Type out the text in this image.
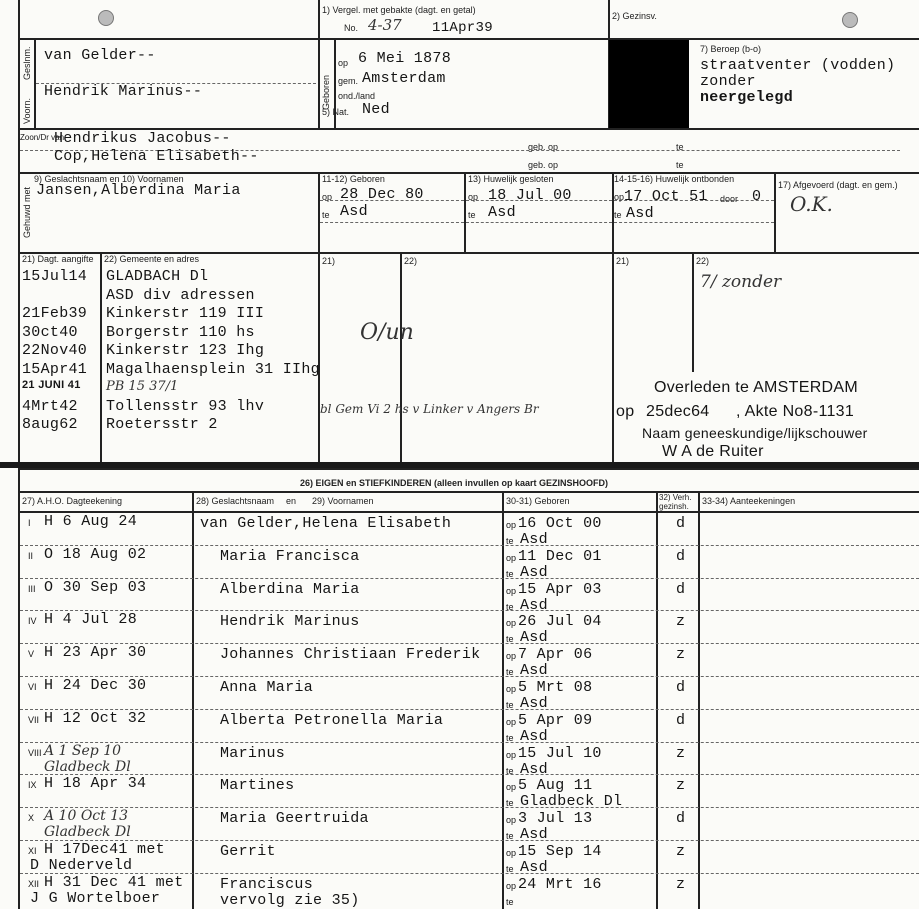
1) Vergel. met gebakte (dagt. en getal)
No. 4-37 11Apr39
2) Gezinsv.
Geslnm.
Voorn.
van Gelder--
Hendrik Marinus--	Geboren
op 6 Mei 1878
gem. Amsterdam
ond./land
5) Nat. Ned
7) Beroep (b-o)
straatventer (vodden)
zonder
neergelegd
Zoon/Dr van
Hendrikus Jacobus--
Cop,Helena Elisabeth--
geb. op
geb. op
te
te
Gehuwd met
9) Geslachtsnaam en 10) Voornamen
Jansen,Alberdina Maria
11-12) Geboren
op 28 Dec 80
te Asd
13) Huwelijk gesloten
op 18 Jul 00
te Asd
14-15-16) Huwelijk ontbonden
op 17 Oct 51 door 0
te Asd
17) Afgevoerd (dagt. en gem.)
O.K.
21) Dagt. aangifte 22) Gemeente en adres	21)	22)	21)	22)
15Jul14 GLADBACH Dl
ASD div adressen
21Feb39 Kinkerstr 119 III
30ct40 Borgerstr 110 hs
22Nov40 Kinkerstr 123 Ihg
15Apr41 Magalhaensplein 31 IIhg
21 JUNI 41 PB 15 37/1
4Mrt42 Tollensstr 93 lhv
8aug62 Roetersstr 2
O/un
bl Gem Vi 2 hs v Linker v Angers Br
7/ zonder
Overleden te AMSTERDAM
op 25dec64 , Akte No8-1131
Naam geneeskundige/lijkschouwer
W A de Ruiter
26) EIGEN en STIEFKINDEREN (alleen invullen op kaart GEZINSHOOFD)
27) A.H.O. Dagteekening	28) Geslachtsnaam en 29) Voornamen	30-31) Geboren	32) Verh. gezinsh.
33-34) Aanteekeningen
I H 6 Aug 24	van Gelder,Helena Elisabeth	op 16 Oct 00
te Asd
d
II O 18 Aug 02	Maria Francisca	op 11 Dec 01
te Asd
d
III O 30 Sep 03	Alberdina Maria	op 15 Apr 03
te Asd
d
IV H 4 Jul 28	Hendrik Marinus	op 26 Jul 04
te Asd
z
V H 23 Apr 30	Johannes Christiaan Frederik	op 7 Apr 06
te Asd
z
VI H 24 Dec 30	Anna Maria	op 5 Mrt 08
te Asd
d
VII H 12 Oct 32	Alberta Petronella Maria	op 5 Apr 09
te Asd
d
VIII A 1 Sep 10
Gladbeck Dl
Marinus	op 15 Jul 10
te Asd
z
IX H 18 Apr 34	Martines	op 5 Aug 11
te Gladbeck Dl
z
X A 10 Oct 13
Gladbeck Dl
Maria Geertruida	op 3 Jul 13
te Asd
d
XI H 17Dec41 met
D Nederveld
Gerrit	op 15 Sep 14
te Asd
z
XII H 31 Dec 41 met
J G Wortelboer
Franciscus
vervolg zie 35)
op 24 Mrt 16
te
z
